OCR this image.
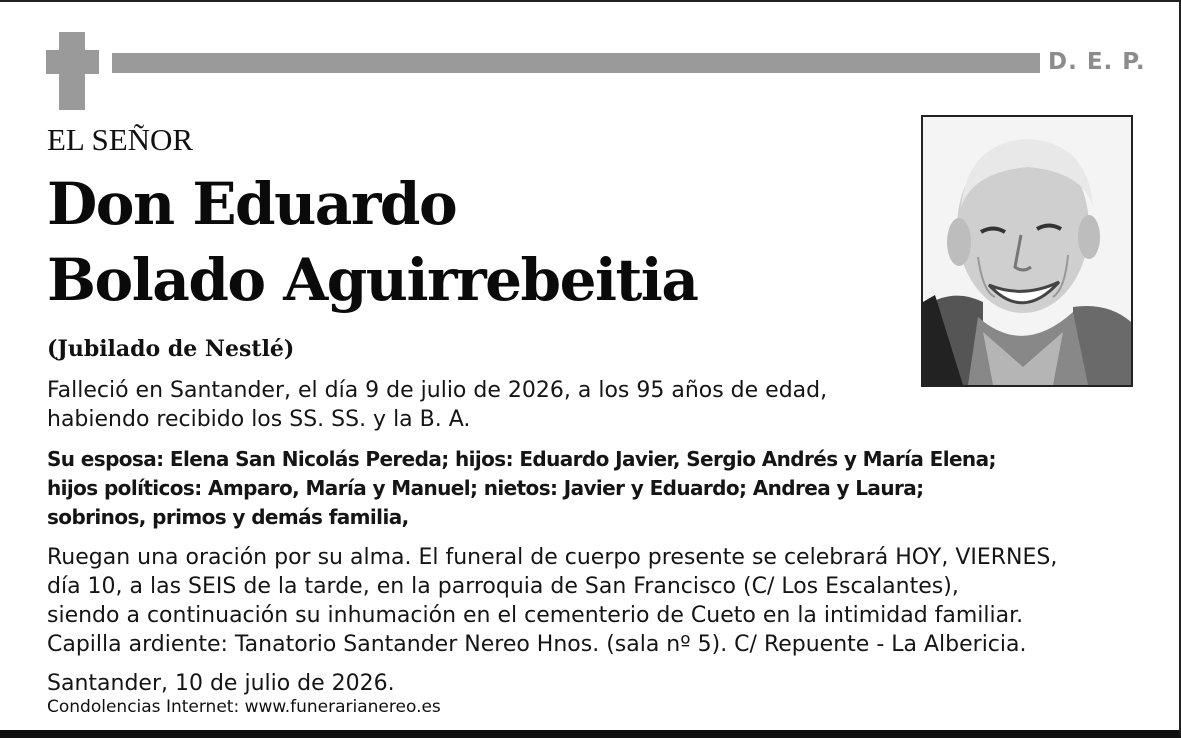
D. E. P.
EL SEÑOR
Don Eduardo
Bolado Aguirrebeitia
(Jubilado de Nestlé)
Falleció en Santander, el día 9 de julio de 2026, a los 95 años de edad,
habiendo recibido los SS. SS. y la B. A.
Su esposa: Elena San Nicolás Pereda; hijos: Eduardo Javier, Sergio Andrés y María Elena;
hijos políticos: Amparo, María y Manuel; nietos: Javier y Eduardo; Andrea y Laura;
sobrinos, primos y demás familia,
Ruegan una oración por su alma. El funeral de cuerpo presente se celebrará HOY, VIERNES,
día 10, a las SEIS de la tarde, en la parroquia de San Francisco (C/ Los Escalantes),
siendo a continuación su inhumación en el cementerio de Cueto en la intimidad familiar.
Capilla ardiente: Tanatorio Santander Nereo Hnos. (sala nº 5). C/ Repuente - La Albericia.
Santander, 10 de julio de 2026.
Condolencias Internet: www.funerarianereo.es
